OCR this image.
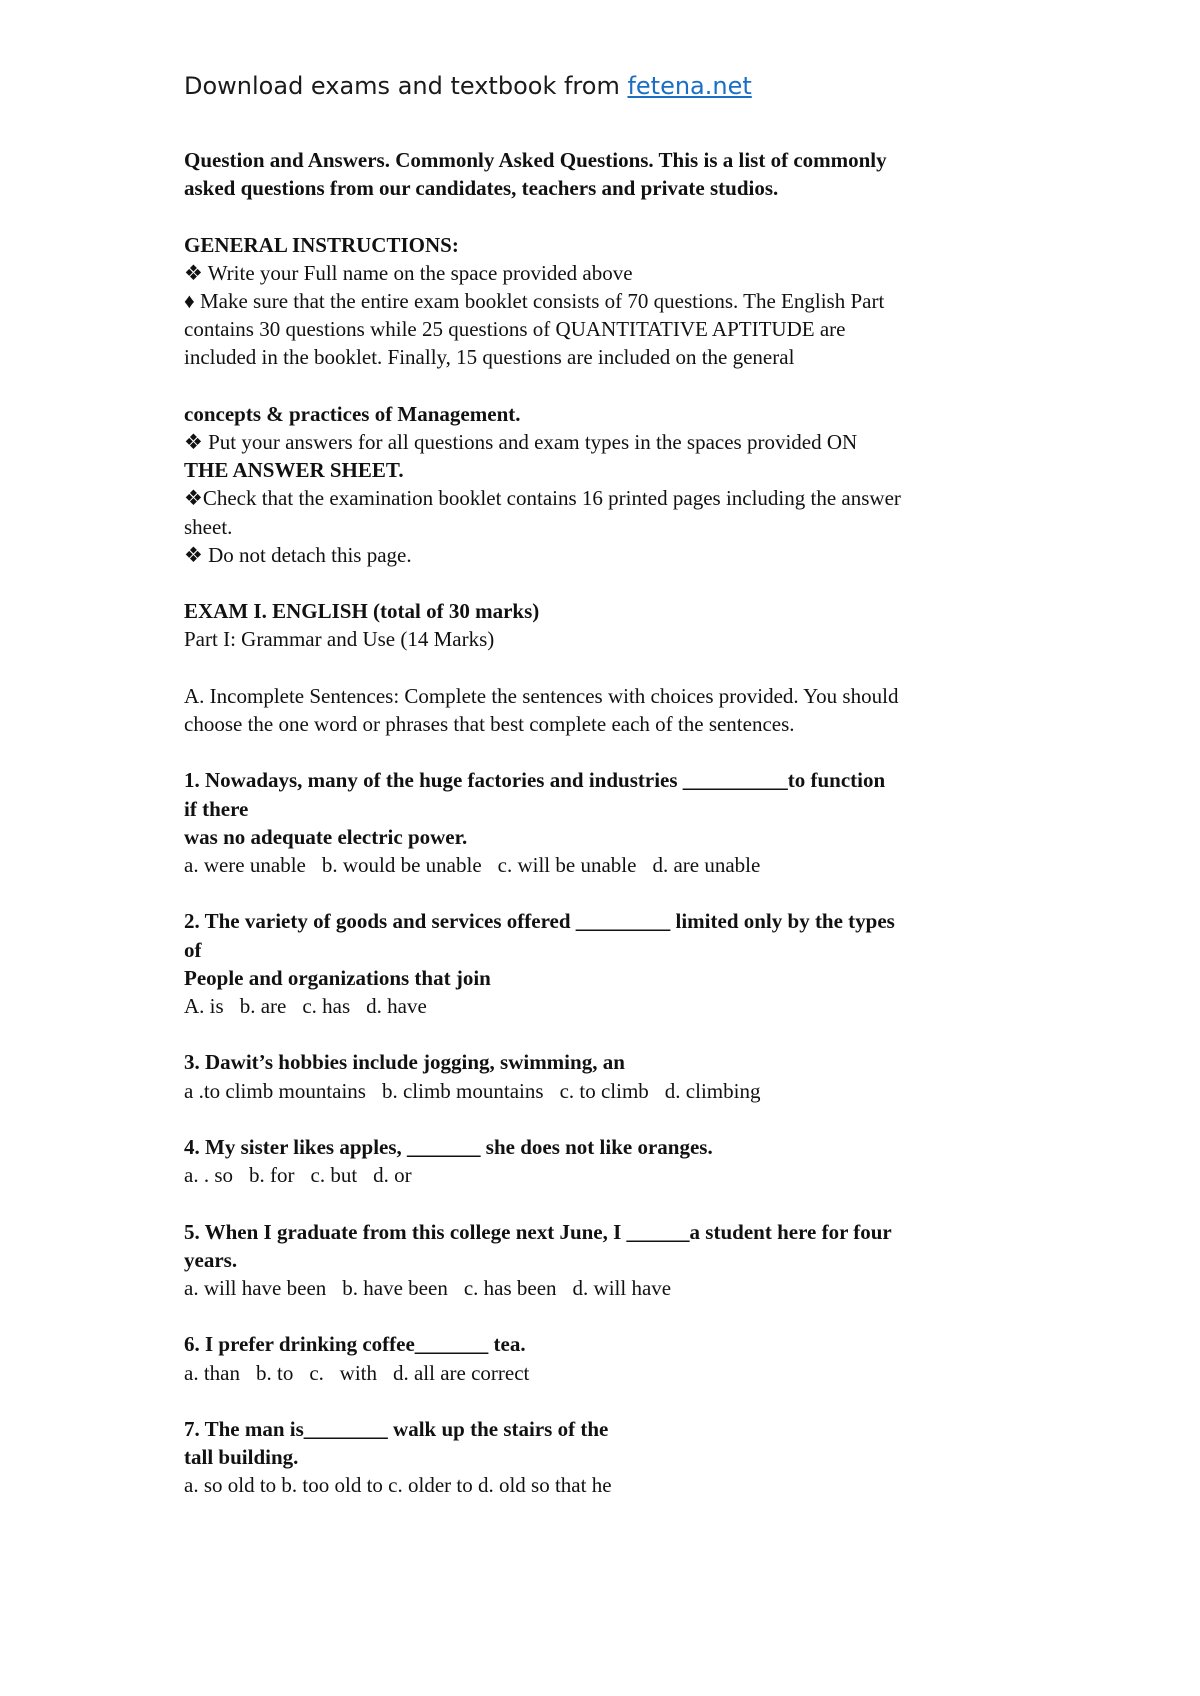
Download exams and textbook from fetena.net

Question and Answers. Commonly Asked Questions. This is a list of commonly

asked questions from our candidates, teachers and private studios.

GENERAL INSTRUCTIONS:

❖ Write your Full name on the space provided above

♦ Make sure that the entire exam booklet consists of 70 questions. The English Part

contains 30 questions while 25 questions of QUANTITATIVE APTITUDE are

included in the booklet. Finally, 15 questions are included on the general

concepts & practices of Management.

❖ Put your answers for all questions and exam types in the spaces provided ON

THE ANSWER SHEET.

❖Check that the examination booklet contains 16 printed pages including the answer

sheet.

❖ Do not detach this page.

EXAM I. ENGLISH (total of 30 marks)

Part I: Grammar and Use (14 Marks)

A. Incomplete Sentences: Complete the sentences with choices provided. You should

choose the one word or phrases that best complete each of the sentences.

1. Nowadays, many of the huge factories and industries __________to function

if there

was no adequate electric power.

a. were unable b. would be unable c. will be unable d. are unable

2. The variety of goods and services offered _________ limited only by the types

of

People and organizations that join

A. is b. are c. has d. have

3. Dawit’s hobbies include jogging, swimming, an

a .to climb mountains b. climb mountains c. to climb d. climbing

4. My sister likes apples, _______ she does not like oranges.

a. . so b. for c. but d. or

5. When I graduate from this college next June, I ______a student here for four

years.

a. will have been b. have been c. has been d. will have

6. I prefer drinking coffee_______ tea.

a. than b. to c.   with d. all are correct

7. The man is________ walk up the stairs of the

tall building.

a. so old to b. too old to c. older to d. old so that he
